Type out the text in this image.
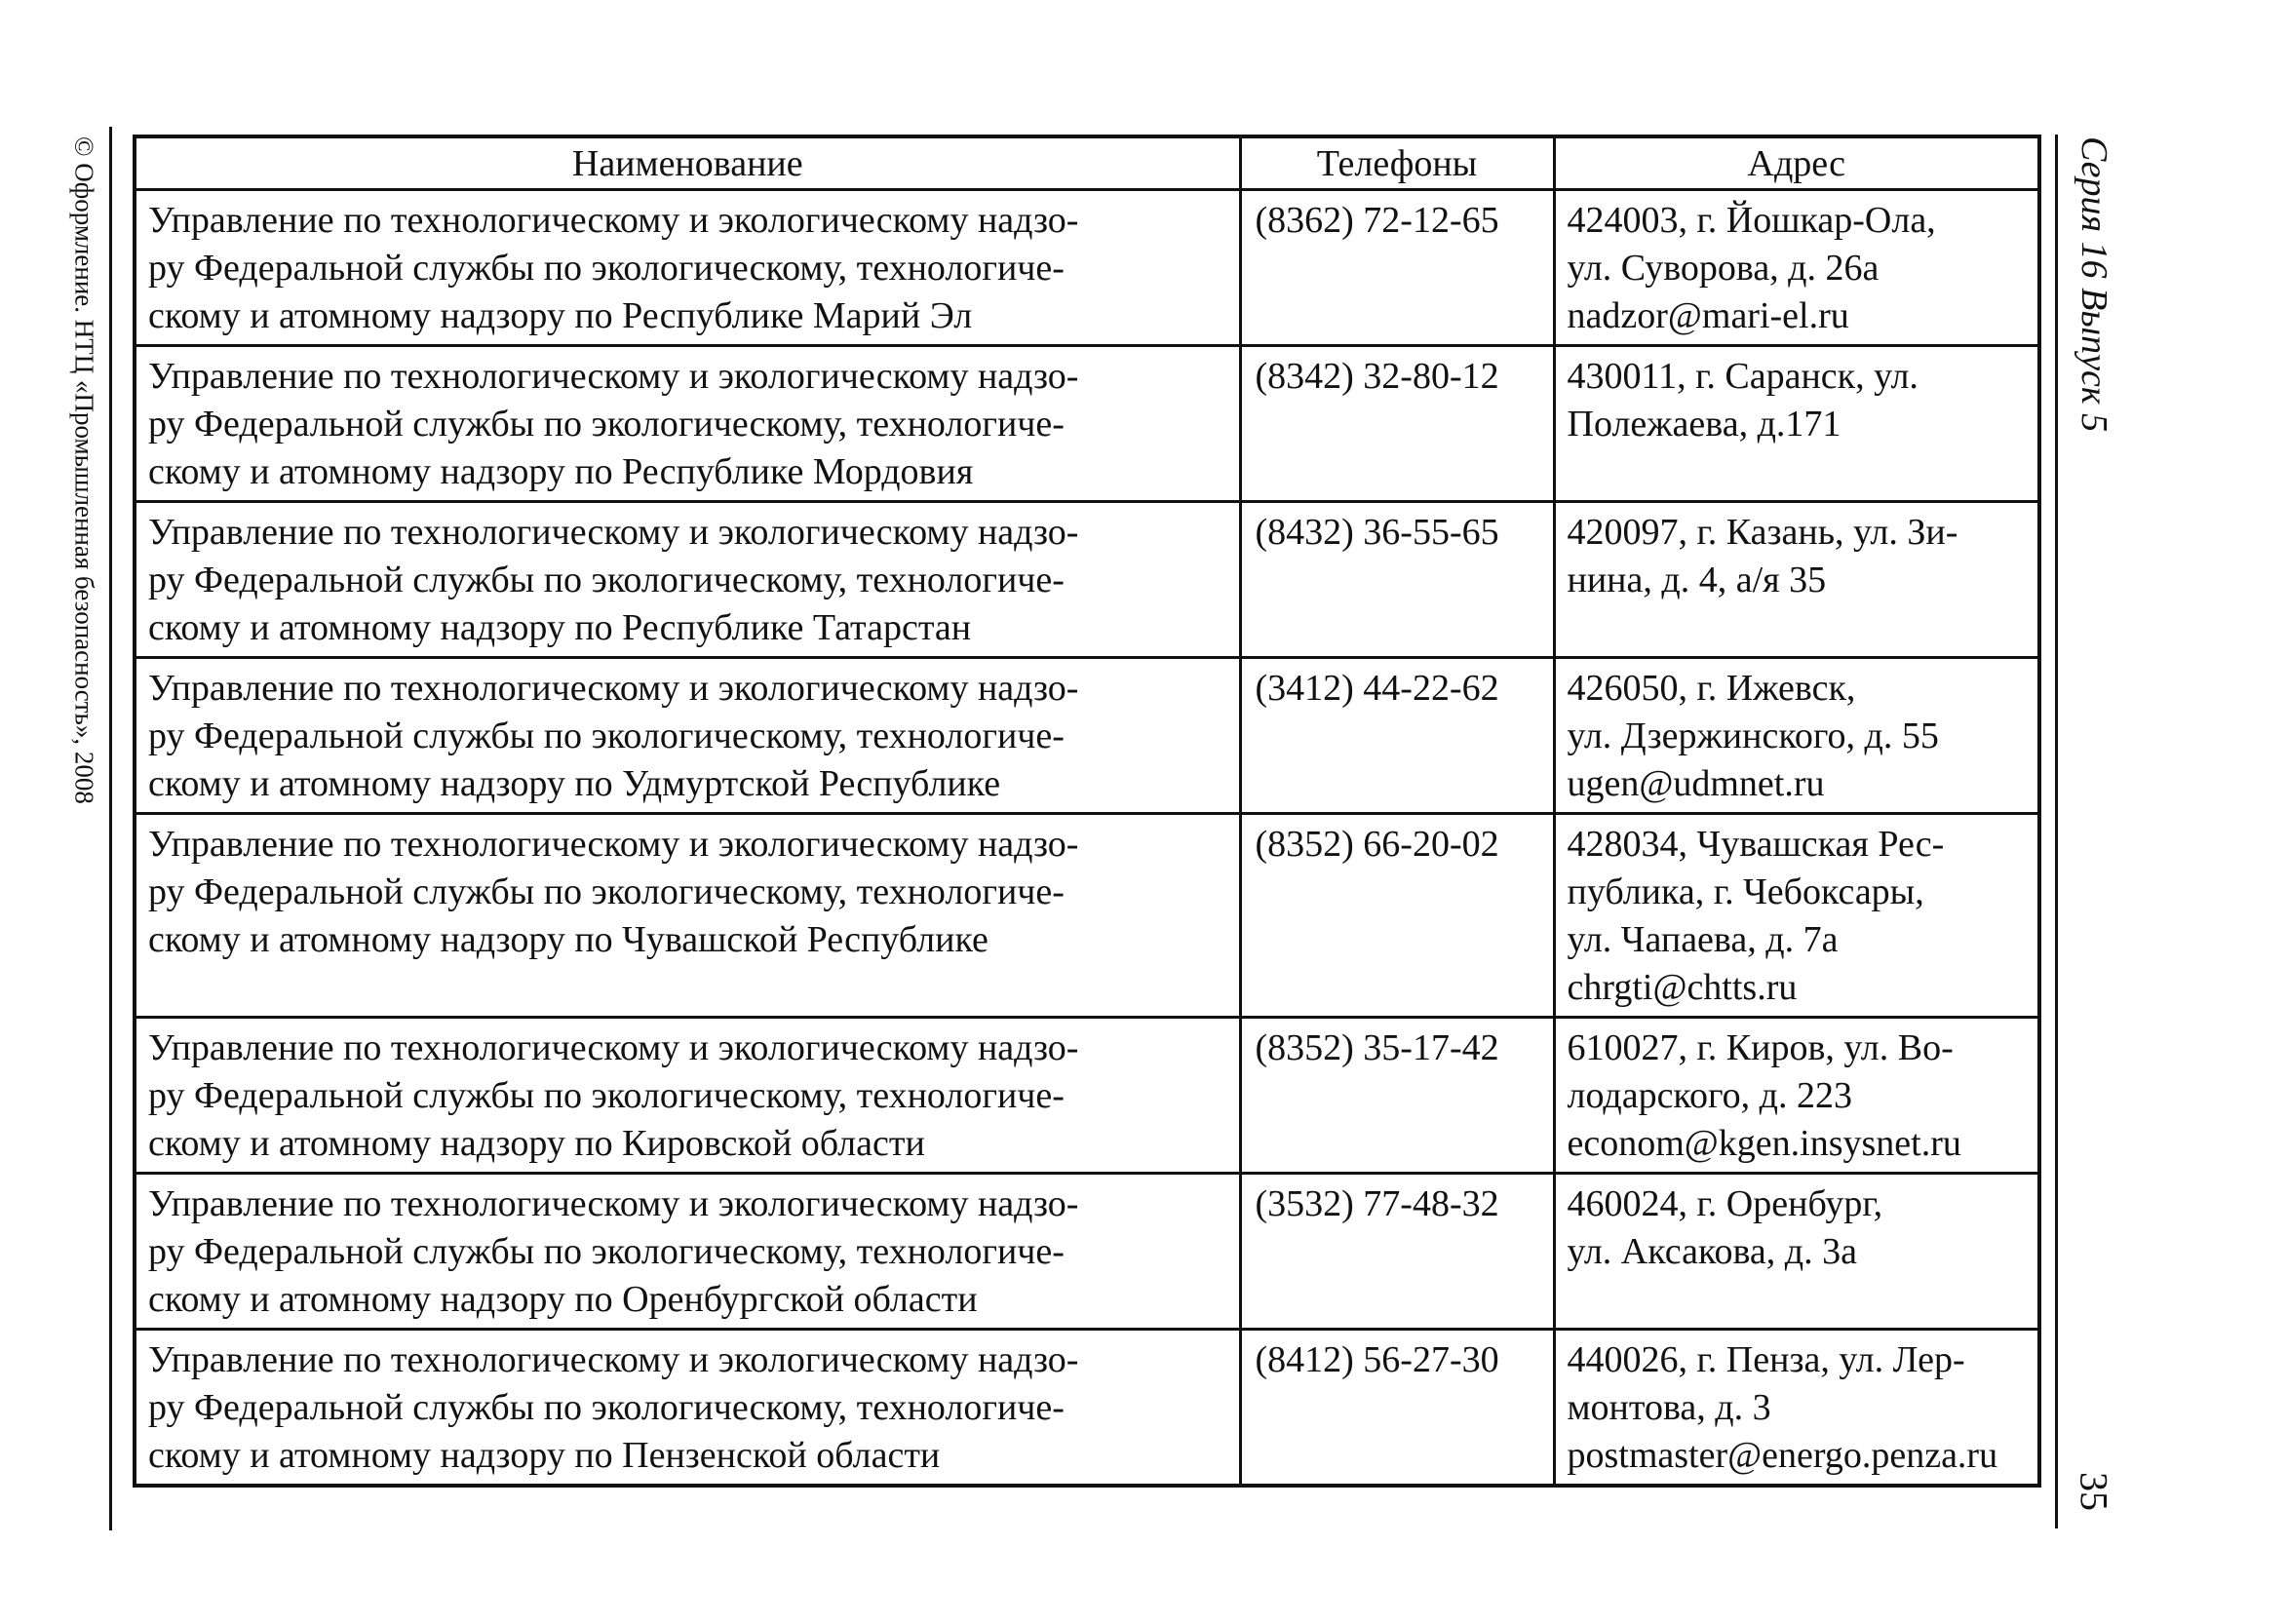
© Оформление. НТЦ «Промышленная безопасность», 2008	Серия 16 Выпуск 5
35
Наименование	Телефоны	Адрес

Управление по технологическому и экологическому надзо-
ру Федеральной службы по экологическому, технологиче-
скому и атомному надзору по Республике Марий Эл	(8362) 72-12-65	424003, г. Йошкар-Ола,
ул. Суворова, д. 26а
nadzor@mari-el.ru

Управление по технологическому и экологическому надзо-
ру Федеральной службы по экологическому, технологиче-
скому и атомному надзору по Республике Мордовия	(8342) 32-80-12	430011, г. Саранск, ул.
Полежаева, д.171

Управление по технологическому и экологическому надзо-
ру Федеральной службы по экологическому, технологиче-
скому и атомному надзору по Республике Татарстан	(8432) 36-55-65	420097, г. Казань, ул. Зи-
нина, д. 4, а/я 35

Управление по технологическому и экологическому надзо-
ру Федеральной службы по экологическому, технологиче-
скому и атомному надзору по Удмуртской Республике	(3412) 44-22-62	426050, г. Ижевск,
ул. Дзержинского, д. 55
ugen@udmnet.ru

Управление по технологическому и экологическому надзо-
ру Федеральной службы по экологическому, технологиче-
скому и атомному надзору по Чувашской Республике	(8352) 66-20-02	428034, Чувашская Рес-
публика, г. Чебоксары,
ул. Чапаева, д. 7а
chrgti@chtts.ru

Управление по технологическому и экологическому надзо-
ру Федеральной службы по экологическому, технологиче-
скому и атомному надзору по Кировской области	(8352) 35-17-42	610027, г. Киров, ул. Во-
лодарского, д. 223
econom@kgen.insysnet.ru

Управление по технологическому и экологическому надзо-
ру Федеральной службы по экологическому, технологиче-
скому и атомному надзору по Оренбургской области	(3532) 77-48-32	460024, г. Оренбург,
ул. Аксакова, д. 3а

Управление по технологическому и экологическому надзо-
ру Федеральной службы по экологическому, технологиче-
скому и атомному надзору по Пензенской области	(8412) 56-27-30	440026, г. Пенза, ул. Лер-
монтова, д. 3
postmaster@energo.penza.ru
